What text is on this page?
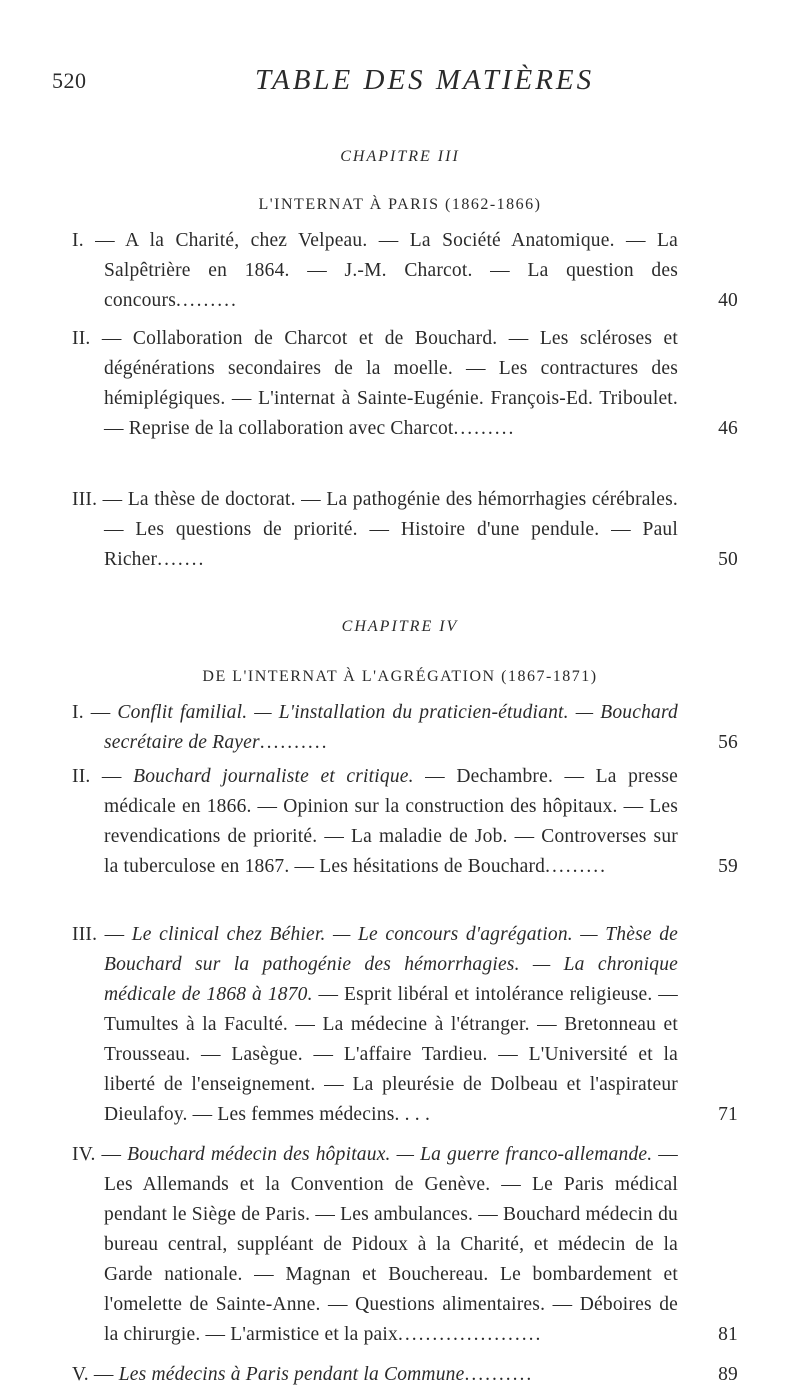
520	TABLE DES MATIÈRES
CHAPITRE III
L'INTERNAT À PARIS (1862-1866)
I. — A la Charité, chez Velpeau. — La Société Anatomique. — La Salpêtrière en 1864. — J.-M. Charcot. — La question des concours.........	40
II. — Collaboration de Charcot et de Bouchard. — Les scléroses et dégénérations secondaires de la moelle. — Les contractures des hémiplégiques. — L'internat à Sainte-Eugénie. François-Ed. Triboulet. — Reprise de la collaboration avec Charcot.........	46
III. — La thèse de doctorat. — La pathogénie des hémorrhagies cérébrales. — Les questions de priorité. — Histoire d'une pendule. — Paul Richer.......	50
CHAPITRE IV
DE L'INTERNAT À L'AGRÉGATION (1867-1871)
I. — Conflit familial. — L'installation du praticien-étudiant. — Bouchard secrétaire de Rayer..........	56
II. — Bouchard journaliste et critique. — Dechambre. — La presse médicale en 1866. — Opinion sur la construction des hôpitaux. — Les revendications de priorité. — La maladie de Job. — Controverses sur la tuberculose en 1867. — Les hésitations de Bouchard.........	59
III. — Le clinical chez Béhier. — Le concours d'agrégation. — Thèse de Bouchard sur la pathogénie des hémorrhagies. — La chronique médicale de 1868 à 1870. — Esprit libéral et intolérance religieuse. — Tumultes à la Faculté. — La médecine à l'étranger. — Bretonneau et Trousseau. — Lasègue. — L'affaire Tardieu. — L'Université et la liberté de l'enseignement. — La pleurésie de Dolbeau et l'aspirateur Dieulafoy. — Les femmes médecins. . . .	71
IV. — Bouchard médecin des hôpitaux. — La guerre franco-allemande. — Les Allemands et la Convention de Genève. — Le Paris médical pendant le Siège de Paris. — Les ambulances. — Bouchard médecin du bureau central, suppléant de Pidoux à la Charité, et médecin de la Garde nationale. — Magnan et Bouchereau. Le bombardement et l'omelette de Sainte-Anne. — Questions alimentaires. — Déboires de la chirurgie. — L'armistice et la paix.....................	81
V. — Les médecins à Paris pendant la Commune..........	89
